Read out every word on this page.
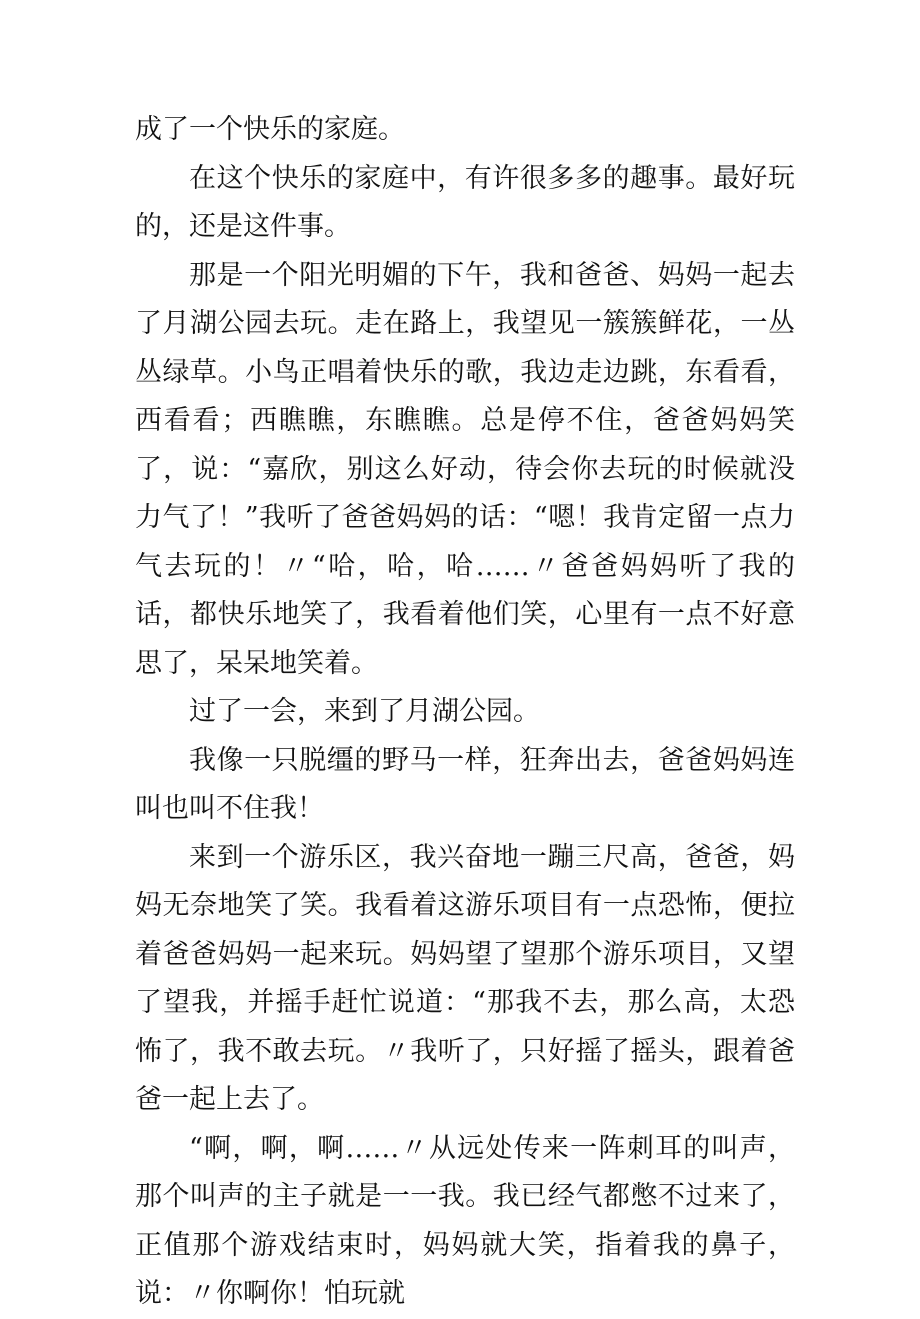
成了一个快乐的家庭。

在这个快乐的家庭中，有许很多多的趣事。最好玩的，还是这件事。

那是一个阳光明媚的下午，我和爸爸、妈妈一起去了月湖公园去玩。走在路上，我望见一簇簇鲜花，一丛丛绿草。小鸟正唱着快乐的歌，我边走边跳，东看看，西看看；西瞧瞧，东瞧瞧。总是停不住，爸爸妈妈笑了，说：“嘉欣，别这么好动，待会你去玩的时候就没力气了！”我听了爸爸妈妈的话：“嗯！我肯定留一点力气去玩的！〃“哈，哈，哈……〃爸爸妈妈听了我的话，都快乐地笑了，我看着他们笑，心里有一点不好意思了，呆呆地笑着。

过了一会，来到了月湖公园。

我像一只脱缰的野马一样，狂奔出去，爸爸妈妈连叫也叫不住我！

来到一个游乐区，我兴奋地一蹦三尺高，爸爸，妈妈无奈地笑了笑。我看着这游乐项目有一点恐怖，便拉着爸爸妈妈一起来玩。妈妈望了望那个游乐项目，又望了望我，并摇手赶忙说道：“那我不去，那么高，太恐怖了，我不敢去玩。〃我听了，只好摇了摇头，跟着爸爸一起上去了。

“啊，啊，啊……〃从远处传来一阵刺耳的叫声，那个叫声的主子就是一一我。我已经气都憋不过来了，正值那个游戏结束时，妈妈就大笑，指着我的鼻子，说：〃你啊你！怕玩就
